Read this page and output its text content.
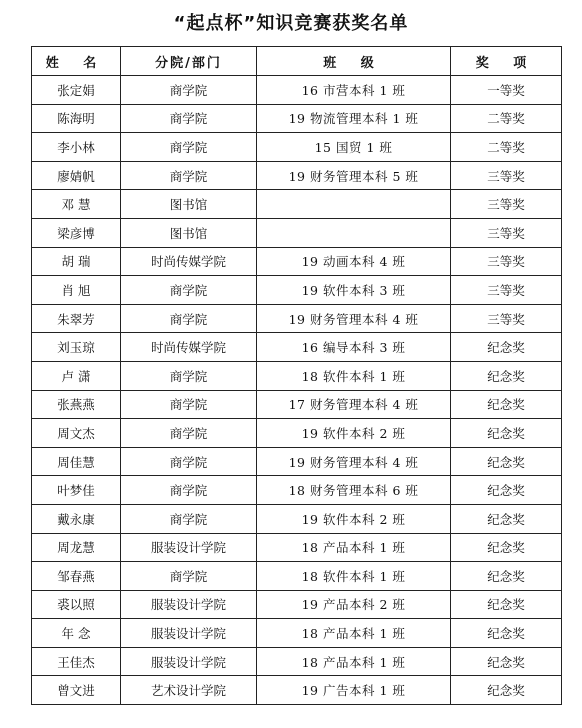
“起点杯”知识竞赛获奖名单
姓 名	分院/部门	班 级	奖 项
张定娟	商学院	16 市营本科 1 班	一等奖
陈海明	商学院	19 物流管理本科 1 班	二等奖
李小林	商学院	15 国贸 1 班	二等奖
廖婧帆	商学院	19 财务管理本科 5 班	三等奖
邓 慧	图书馆		三等奖
梁彦博	图书馆		三等奖
胡 瑞	时尚传媒学院	19 动画本科 4 班	三等奖
肖 旭	商学院	19 软件本科 3 班	三等奖
朱翠芳	商学院	19 财务管理本科 4 班	三等奖
刘玉琼	时尚传媒学院	16 编导本科 3 班	纪念奖
卢 潇	商学院	18 软件本科 1 班	纪念奖
张燕燕	商学院	17 财务管理本科 4 班	纪念奖
周文杰	商学院	19 软件本科 2 班	纪念奖
周佳慧	商学院	19 财务管理本科 4 班	纪念奖
叶梦佳	商学院	18 财务管理本科 6 班	纪念奖
戴永康	商学院	19 软件本科 2 班	纪念奖
周龙慧	服装设计学院	18 产品本科 1 班	纪念奖
邹春燕	商学院	18 软件本科 1 班	纪念奖
裘以照	服装设计学院	19 产品本科 2 班	纪念奖
年 念	服装设计学院	18 产品本科 1 班	纪念奖
王佳杰	服装设计学院	18 产品本科 1 班	纪念奖
曾文进	艺术设计学院	19 广告本科 1 班	纪念奖
